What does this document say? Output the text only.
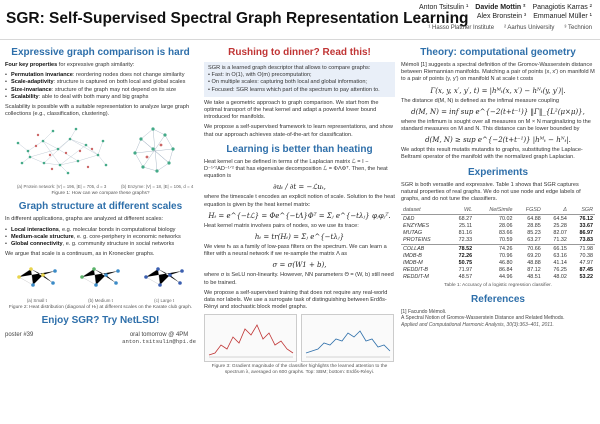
SGR: Self-Supervised Spectral Graph Representation Learning
Anton Tsitsulin ¹ Davide Mottin ² Panagiotis Karras ²
Alex Bronstein ³ Emmanuel Müller ¹
¹ Hasso Plattner Institute ² Aarhus University ³ Technion
Expressive graph comparison is hard
Four key properties for expressive graph similarity:
• Permutation invariance: reordering nodes does not change similarity
• Scale-adaptivity: structure is captured on both local and global scales
• Size-invariance: structure of the graph may not depend on its size
• Scalability: able to deal with both many and big graphs
Scalability is possible with a suitable representation to analyze large graph collections (e.g., classification, clustering).
(a) Protein network: |V| = 196, |E| = 705, d = 3	(b) Enzyme: |V| = 18, |E| = 106, d = 4
Figure 1: How can we compare these graphs?
Graph structure at different scales
In different applications, graphs are analyzed at different scales:
• Local interactions, e.g. molecular bonds in computational biology
• Medium-scale structure, e. g. core-periphery in economic networks
• Global connectivity, e. g. community structure in social networks
We argue that scale is a continuum, as in Kronecker graphs.
(a) Small t	(b) Medium t	(c) Large t
Figure 2: Heat distribution (diagonal of Hₜ) at different scales on the Karate club graph.
Enjoy SGR? Try NetLSD!
poster #39	oral tomorrow @ 4PM
anton.tsitsulin@hpi.de
Rushing to dinner? Read this!
SGR is a learned graph descriptor that allows to compare graphs:
• Fast: in O(1), with O(m) precomputation;
• On multiple scales: capturing both local and global information;
• Focused: SGR learns which part of the spectrum to pay attention to.
We take a geometric approach to graph comparison. We start from the optimal transport of the heat kernel and adapt a powerful lower bound introduced for manifolds.
We propose a self-supervised framework to learn representations, and show that our approach achieves state-of-the-art for classification.
Learning is better than heating
Heat kernel can be defined in terms of the Laplacian matrix ℒ = I − D⁻¹ᐟ²AD⁻¹ᐟ² that has eigenvalue decomposition ℒ = ΦΛΦᵀ. Then, the heat equation is
∂uₜ / ∂t = −ℒuₜ,
where the timescale t encodes an explicit notion of scale. Solution to the heat equation is given by the heat kernel matrix:
Hₜ = e^{−tℒ} = Φe^{−tΛ}Φᵀ = Σⱼ e^{−tλⱼ} φⱼφⱼᵀ.
Heat kernel matrix involves pairs of nodes, so we use its trace:
hₜ = tr(Hₜ) = Σⱼ e^{−tλⱼ}
We view hₜ as a family of low-pass filters on the spectrum. We can learn a filter with a neural network if we re-sample the matrix Λ as
σ = σ(W1 + b),
where σ is SeLU non-linearity. However, NN parameters Θ = (W, b) still need to be trained.
We propose a self-supervised training that does not require any real-world data nor labels. We use a surrogate task of distinguishing between Erdős-Rényi and stochastic block model graphs.
Figure 3: Gradient magnitude of the classifier highlights the learned attention to the spectrum λ, averaged on 600 graphs. Top: SBM; bottom: Erdős-Rényi.
Theory: computational geometry
Mémoli [1] suggests a spectral definition of the Gromov-Wasserstein distance between Riemannian manifolds. Matching a pair of points (x, x′) on manifold M to a pair of points (y, y′) on manifold N at scale t costs
Γ(x, y, x′, y′, t) = |hᴹₜ(x, x′) − hᴺₜ(y, y′)|.
The distance d(M, N) is defined as the infimal measure coupling
d(M, N) = inf sup e^{−2(t+t⁻¹)} ‖Γ‖_{L²(μ×μ)},
where the infimum is sought over all measures on M × N marginalizing to the standard measures on M and N. This distance can be lower bounded by
d(M, N) ≥ sup e^{−2(t+t⁻¹)} |hᴹₜ − hᴺₜ|.
We adopt this result mutatis mutandis to graphs, substituting the Laplace-Beltrami operator of the manifold with the normalized graph Laplacian.
Experiments
SGR is both versatile and expressive. Table 1 shows that SGR captures natural properties of real graphs. We do not use node and edge labels of graphs, and do not tune the classifiers.
dataset	WL	NetSimile	FGSD	Δ	SGR
D&D	68.27	70.02	64.88	64.54	76.12
ENZYMES	25.11	28.06	28.85	25.28	33.67
MUTAG	81.16	83.66	85.23	82.07	86.97
PROTEINS	72.33	70.59	63.27	71.32	73.83
COLLAB	78.52	74.26	70.66	66.15	71.98
IMDB-B	72.26	70.96	69.20	63.16	70.38
IMDB-M	50.75	46.80	48.88	41.14	47.97
REDDIT-B	71.97	86.84	87.12	76.25	87.45
REDDIT-M	48.57	44.96	48.51	48.02	53.22
Table 1: Accuracy of a logistic regression classifier.
References
[1] Facundo Mémoli.
A Spectral Notion of Gromov-Wasserstein Distance and Related Methods.
Applied and Computational Harmonic Analysis, 30(3):363–401, 2011.
